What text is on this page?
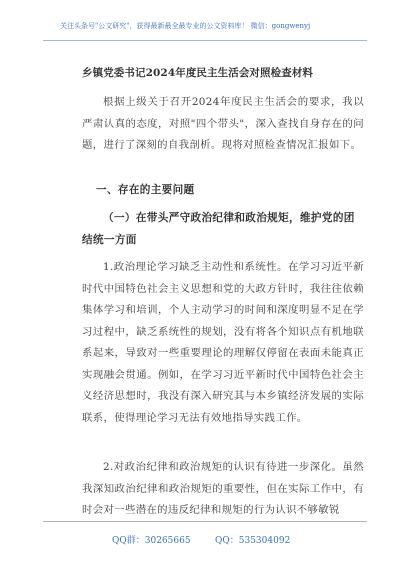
关注头条号"公文研究"，获得最新最全最专业的公文资料库！ 微信：gongwenyj
乡镇党委书记2024年度民主生活会对照检查材料
根据上级关于召开2024年度民主生活会的要求，我以严肃认真的态度，对照"四个带头"，深入查找自身存在的问题，进行了深刻的自我剖析。现将对照检查情况汇报如下。
一、存在的主要问题
（一）在带头严守政治纪律和政治规矩，维护党的团结统一方面
1.政治理论学习缺乏主动性和系统性。在学习习近平新时代中国特色社会主义思想和党的大政方针时，我往往依赖集体学习和培训，个人主动学习的时间和深度明显不足在学习过程中，缺乏系统性的规划，没有将各个知识点有机地联系起来，导致对一些重要理论的理解仅停留在表面未能真正实现融会贯通。例如，在学习习近平新时代中国特色社会主义经济思想时，我没有深入研究其与本乡镇经济发展的实际联系，使得理论学习无法有效地指导实践工作。
2.对政治纪律和政治规矩的认识有待进一步深化。虽然我深知政治纪律和政治规矩的重要性，但在实际工作中，有时会对一些潜在的违反纪律和规矩的行为认识不够敏锐
QQ群：30265665	QQ：535304092
